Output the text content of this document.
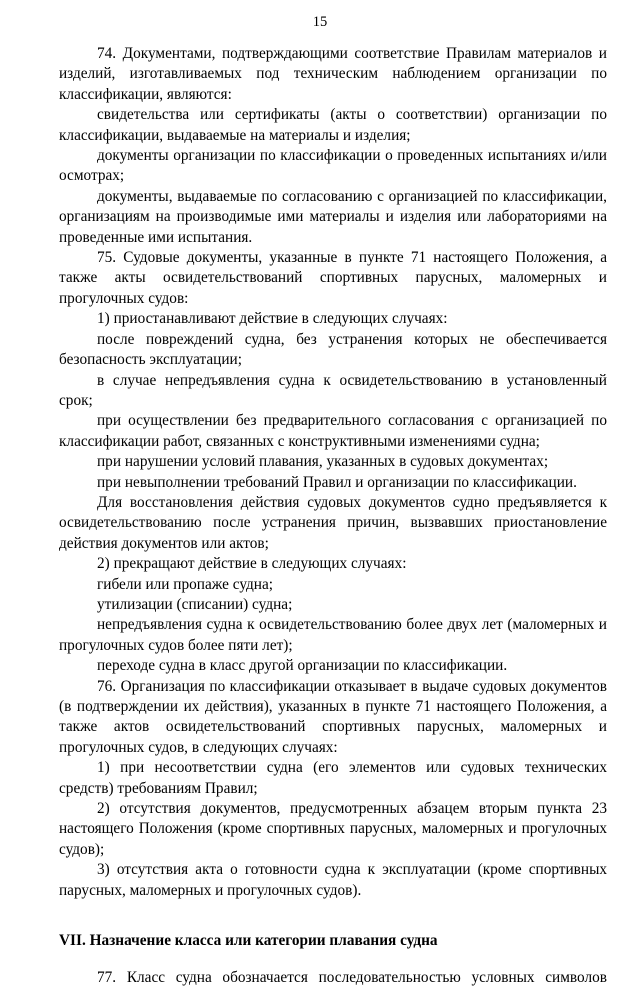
15

74. Документами, подтверждающими соответствие Правилам материалов и изделий, изготавливаемых под техническим наблюдением организации по классификации, являются:

свидетельства или сертификаты (акты о соответствии) организации по классификации, выдаваемые на материалы и изделия;

документы организации по классификации о проведенных испытаниях и/или осмотрах;

документы, выдаваемые по согласованию с организацией по классификации, организациям на производимые ими материалы и изделия или лабораториями на проведенные ими испытания.

75. Судовые документы, указанные в пункте 71 настоящего Положения, а также акты освидетельствований спортивных парусных, маломерных и прогулочных судов:

1) приостанавливают действие в следующих случаях:

после повреждений судна, без устранения которых не обеспечивается безопасность эксплуатации;

в случае непредъявления судна к освидетельствованию в установленный срок;

при осуществлении без предварительного согласования с организацией по классификации работ, связанных с конструктивными изменениями судна;

при нарушении условий плавания, указанных в судовых документах;

при невыполнении требований Правил и организации по классификации.

Для восстановления действия судовых документов судно предъявляется к освидетельствованию после устранения причин, вызвавших приостановление действия документов или актов;

2) прекращают действие в следующих случаях:

гибели или пропаже судна;

утилизации (списании) судна;

непредъявления судна к освидетельствованию более двух лет (маломерных и прогулочных судов более пяти лет);

переходе судна в класс другой организации по классификации.

76. Организация по классификации отказывает в выдаче судовых документов (в подтверждении их действия), указанных в пункте 71 настоящего Положения, а также актов освидетельствований спортивных парусных, маломерных и прогулочных судов, в следующих случаях:

1) при несоответствии судна (его элементов или судовых технических средств) требованиям Правил;

2) отсутствия документов, предусмотренных абзацем вторым пункта 23 настоящего Положения (кроме спортивных парусных, маломерных и прогулочных судов);

3) отсутствия акта о готовности судна к эксплуатации (кроме спортивных парусных, маломерных и прогулочных судов).

VII. Назначение класса или категории плавания судна

77. Класс судна обозначается последовательностью условных символов
